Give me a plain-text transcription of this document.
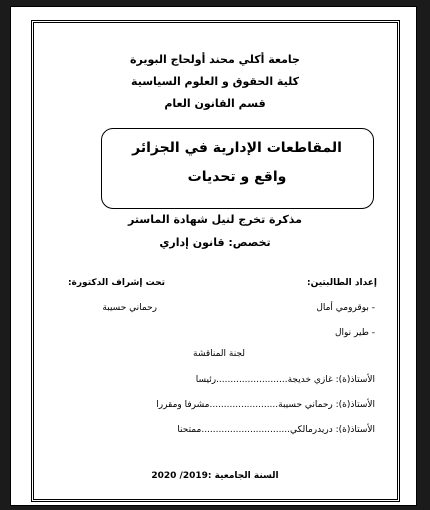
جامعة أكلي محند أولحاج البويرة
كلية الحقوق و العلوم السياسية
قسم القانون العام
المقاطعات الإدارية في الجزائر
واقع و تحديات
مذكرة تخرج لنيل شهادة الماستر
تخصص: قانون إداري
إعداد الطالبتين:
- بوقرومي أمال
- طير نوال
تحت إشراف الدكتورة:
رحماني حسيبة
لجنة المناقشة
الأستاذ(ة): غازي خديجة.........................رئيسا
الأستاذ(ة): رحماني حسيبة........................مشرفا ومقررا
الأستاذ(ة): دريدرمالكي...............................ممتحنا
السنة الجامعية :2019/ 2020
